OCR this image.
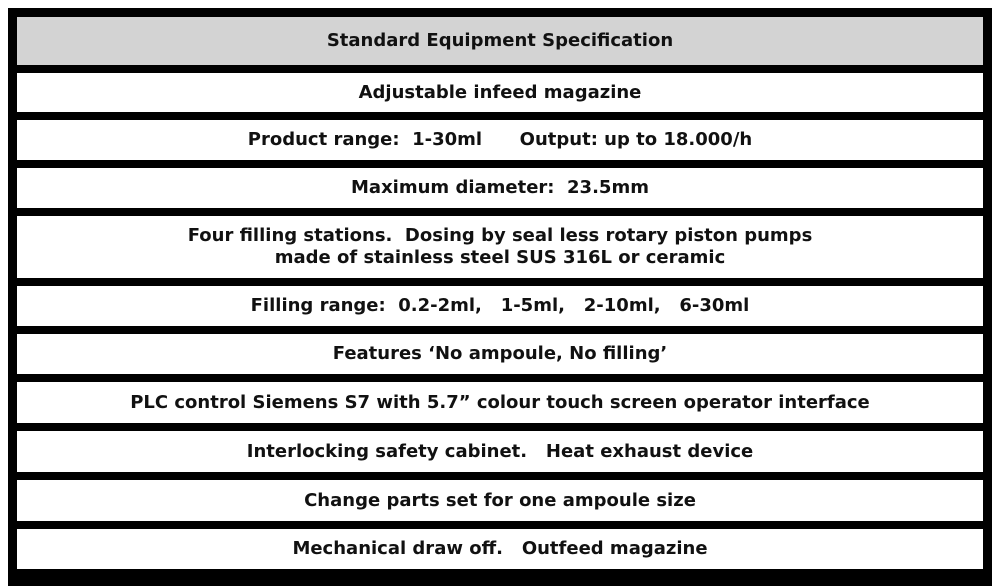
Standard Equipment Specification
Adjustable infeed magazine
Product range:  1-30ml      Output: up to 18.000/h
Maximum diameter:  23.5mm
Four filling stations.  Dosing by seal less rotary piston pumps
made of stainless steel SUS 316L or ceramic
Filling range:  0.2-2ml,   1-5ml,   2-10ml,   6-30ml
Features ‘No ampoule, No filling’
PLC control Siemens S7 with 5.7” colour touch screen operator interface
Interlocking safety cabinet.   Heat exhaust device
Change parts set for one ampoule size
Mechanical draw off.   Outfeed magazine
